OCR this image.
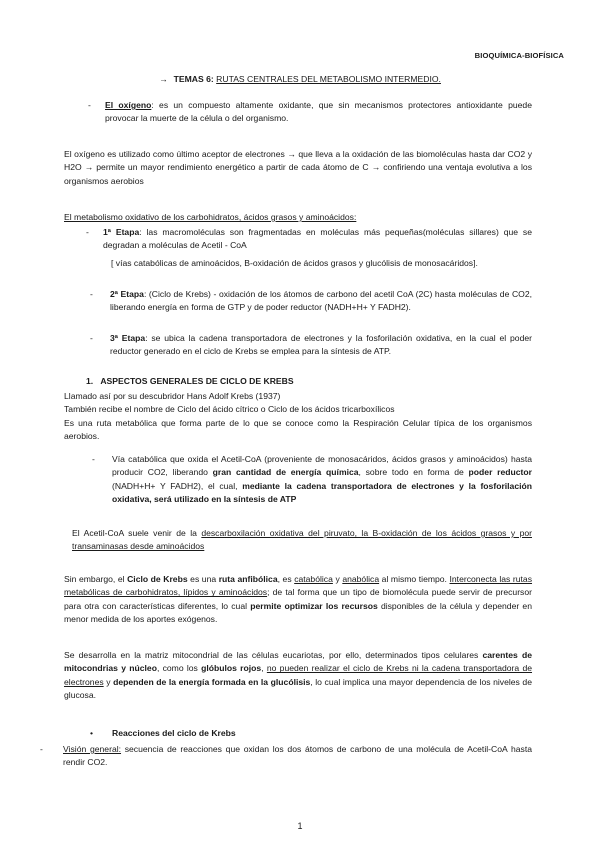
BIOQUÍMICA-BIOFÍSICA
→ TEMAS 6: RUTAS CENTRALES DEL METABOLISMO INTERMEDIO.
-	El oxígeno: es un compuesto altamente oxidante, que sin mecanismos protectores antioxidante puede provocar la muerte de la célula o del organismo.

El oxígeno es utilizado como último aceptor de electrones → que lleva a la oxidación de las biomoléculas hasta dar CO2 y H2O → permite un mayor rendimiento energético a partir de cada átomo de C → confiriendo una ventaja evolutiva a los organismos aerobios

El metabolismo oxidativo de los carbohidratos, ácidos grasos y aminoácidos:
-	1ª Etapa: las macromoléculas son fragmentadas en moléculas más pequeñas(moléculas sillares) que se degradan a moléculas de Acetil - CoA

[ vías catabólicas de aminoácidos, B-oxidación de ácidos grasos y glucólisis de monosacáridos].

-	2ª Etapa: (Ciclo de Krebs) - oxidación de los átomos de carbono del acetil CoA (2C) hasta moléculas de CO2, liberando energía en forma de GTP y de poder reductor (NADH+H+ Y FADH2).
-	3ª Etapa: se ubica la cadena transportadora de electrones y la fosforilación oxidativa, en la cual el poder reductor generado en el ciclo de Krebs se emplea para la síntesis de ATP.
1. ASPECTOS GENERALES DE CICLO DE KREBS

Llamado así por su descubridor Hans Adolf Krebs (1937)

También recibe el nombre de Ciclo del ácido cítrico o Ciclo de los ácidos tricarboxílicos

Es una ruta metabólica que forma parte de lo que se conoce como la Respiración Celular típica de los organismos aerobios.

-	Vía catabólica que oxida el Acetil-CoA (proveniente de monosacáridos, ácidos grasos y aminoácidos) hasta producir CO2, liberando gran cantidad de energía química, sobre todo en forma de poder reductor (NADH+H+ Y FADH2), el cual, mediante la cadena transportadora de electrones y la fosforilación oxidativa, será utilizado en la síntesis de ATP

El Acetil-CoA suele venir de la descarboxilación oxidativa del piruvato, la B-oxidación de los ácidos grasos y por transaminasas desde aminoácidos

Sin embargo, el Ciclo de Krebs es una ruta anfibólica, es catabólica y anabólica al mismo tiempo. Interconecta las rutas metabólicas de carbohidratos, lípidos y aminoácidos; de tal forma que un tipo de biomolécula puede servir de precursor para otra con características diferentes, lo cual permite optimizar los recursos disponibles de la célula y depender en menor medida de los aportes exógenos.

Se desarrolla en la matriz mitocondrial de las células eucariotas, por ello, determinados tipos celulares carentes de mitocondrias y núcleo, como los glóbulos rojos, no pueden realizar el ciclo de Krebs ni la cadena transportadora de electrones y dependen de la energía formada en la glucólisis, lo cual implica una mayor dependencia de los niveles de glucosa.

• Reacciones del ciclo de Krebs
-	Visión general: secuencia de reacciones que oxidan los dos átomos de carbono de una molécula de Acetil-CoA hasta rendir CO2.
1
